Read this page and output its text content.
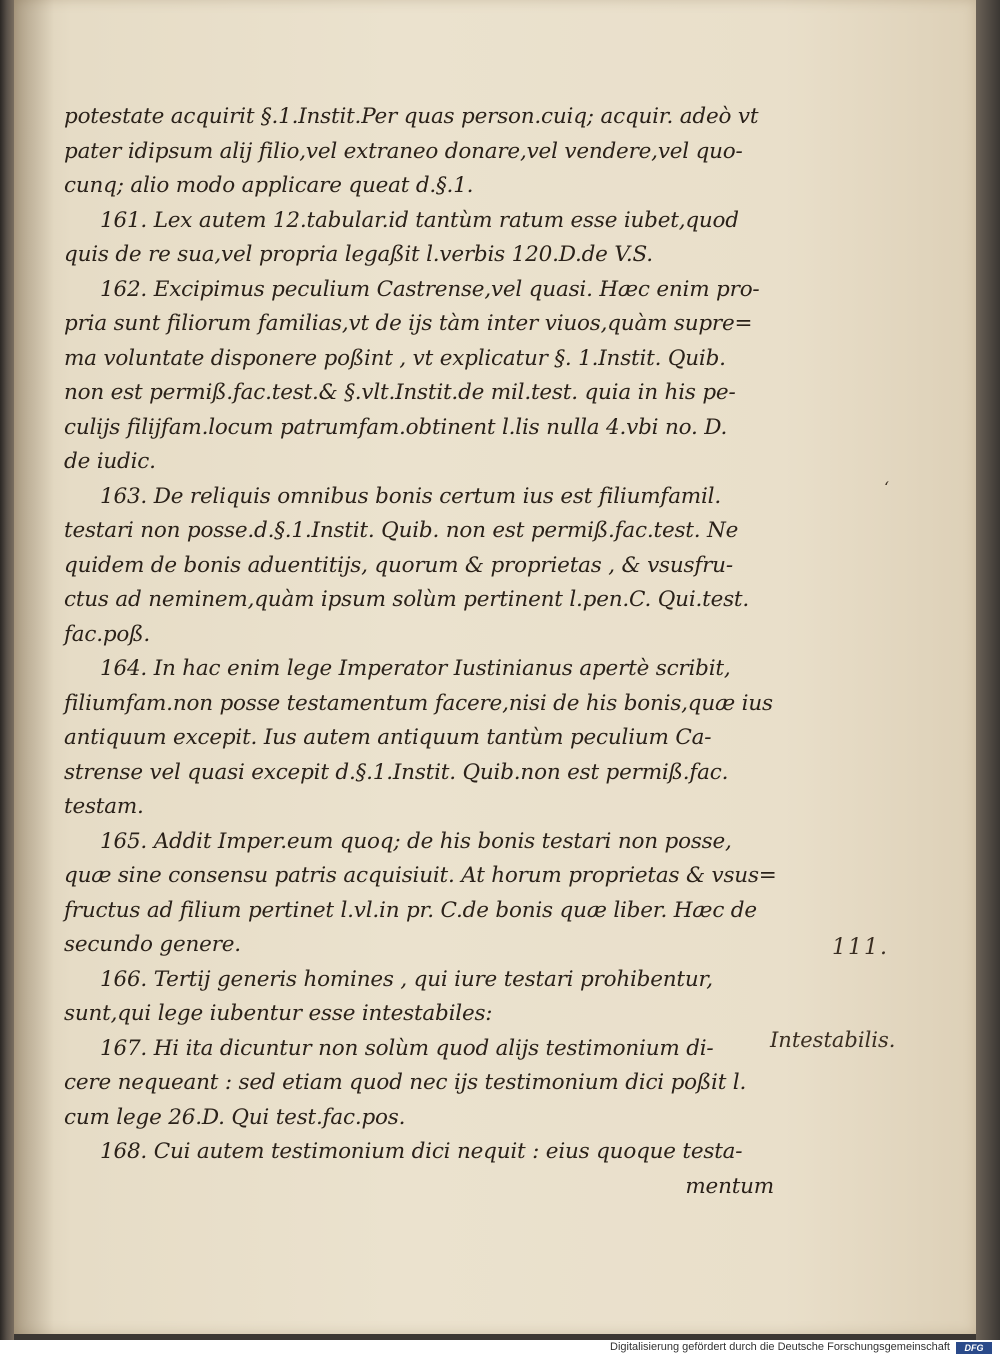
potestate acquirit §.1.Instit.Per quas person.cuiq; acquir. adeò vt
pater idipsum alij filio,vel extraneo donare,vel vendere,vel quo-
cunq; alio modo applicare queat d.§.1.
161. Lex autem 12.tabular.id tantùm ratum esse iubet,quod
quis de re sua,vel propria legaßit l.verbis 120.D.de V.S.
162. Excipimus peculium Castrense,vel quasi. Hæc enim pro-
pria sunt filiorum familias,vt de ijs tàm inter viuos,quàm supre=
ma voluntate disponere poßint , vt explicatur §. 1.Instit. Quib.
non est permiß.fac.test.& §.vlt.Instit.de mil.test. quia in his pe-
culijs filijfam.locum patrumfam.obtinent l.lis nulla 4.vbi no. D.
de iudic.
163. De reliquis omnibus bonis certum ius est filiumfamil.
testari non posse.d.§.1.Instit. Quib. non est permiß.fac.test. Ne
quidem de bonis aduentitijs, quorum & proprietas , & vsusfru-
ctus ad neminem,quàm ipsum solùm pertinent l.pen.C. Qui.test.
fac.poß.
164. In hac enim lege Imperator Iustinianus apertè scribit,
filiumfam.non posse testamentum facere,nisi de his bonis,quæ ius
antiquum excepit. Ius autem antiquum tantùm peculium Ca-
strense vel quasi excepit d.§.1.Instit. Quib.non est permiß.fac.
testam.
165. Addit Imper.eum quoq; de his bonis testari non posse,
quæ sine consensu patris acquisiuit. At horum proprietas & vsus=
fructus ad filium pertinet l.vl.in pr. C.de bonis quæ liber. Hæc de
secundo genere.
166. Tertij generis homines , qui iure testari prohibentur,
sunt,qui lege iubentur esse intestabiles:
167. Hi ita dicuntur non solùm quod alijs testimonium di-
cere nequeant : sed etiam quod nec ijs testimonium dici poßit l.
cum lege 26.D. Qui test.fac.pos.
168. Cui autem testimonium dici nequit : eius quoque testa-
mentum
ʻ
111.
Intestabilis.
Digitalisierung gefördert durch die Deutsche Forschungsgemeinschaft	DFG
